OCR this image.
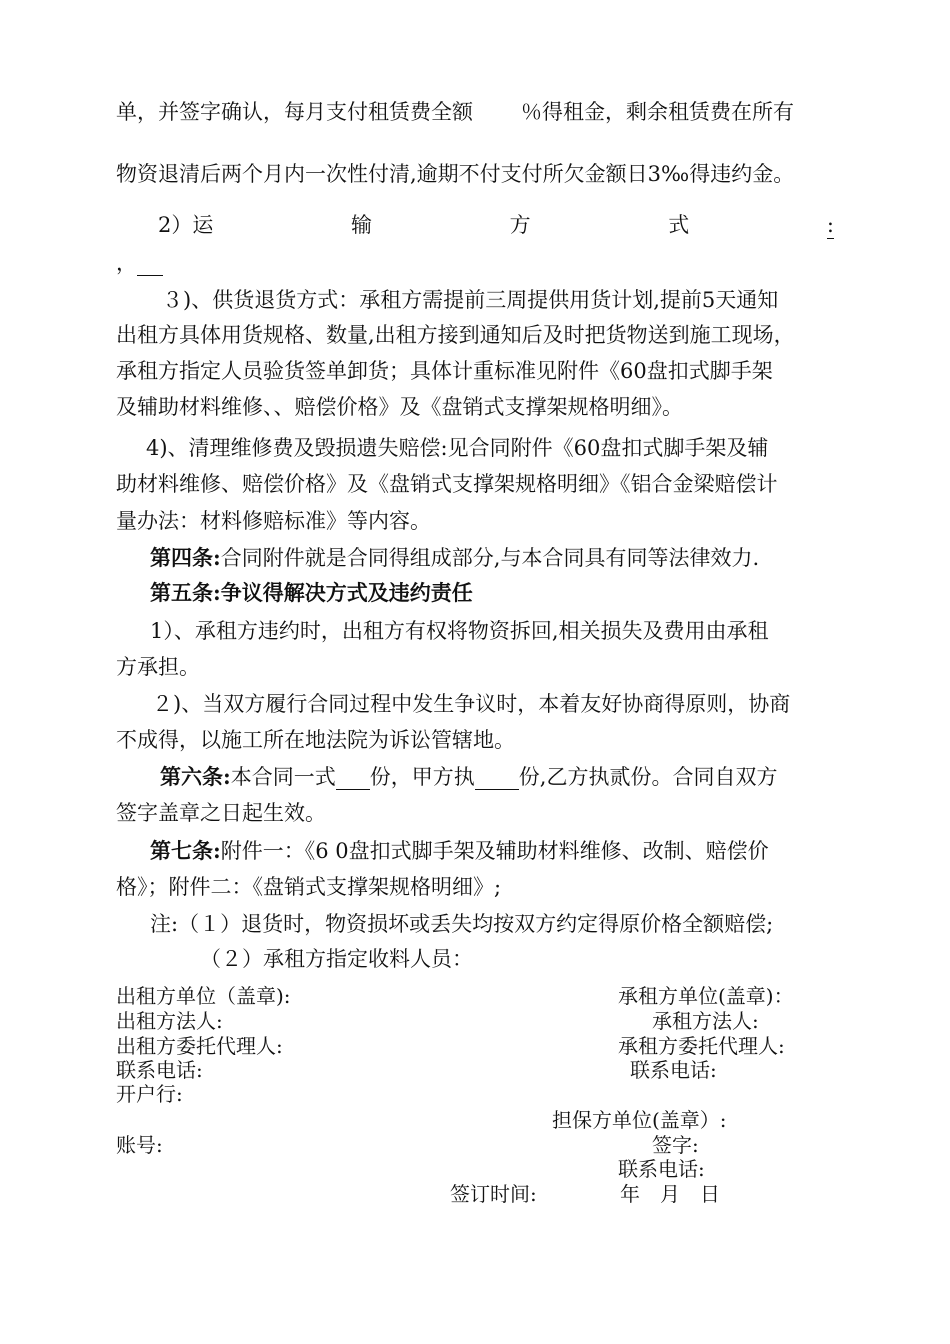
单，并签字确认，每月支付租赁费全额 ％得租金，剩余租赁费在所有
物资退清后两个月内一次性付清,逾期不付支付所欠金额日3‰得违约金。
2）运	输	方	式	:
，
３)、供货退货方式：承租方需提前三周提供用货计划,提前5天通知
出租方具体用货规格、数量,出租方接到通知后及时把货物送到施工现场，
承租方指定人员验货签单卸货；具体计重标准见附件《60盘扣式脚手架
及辅助材料维修、、赔偿价格》及《盘销式支撑架规格明细》。
4)、清理维修费及毁损遗失赔偿:见合同附件《60盘扣式脚手架及辅
助材料维修、赔偿价格》及《盘销式支撑架规格明细》《铝合金梁赔偿计
量办法：材料修赔标准》等内容。
第四条:合同附件就是合同得组成部分,与本合同具有同等法律效力.
第五条:争议得解决方式及违约责任
1）、承租方违约时，出租方有权将物资拆回,相关损失及费用由承租
方承担。
２)、当双方履行合同过程中发生争议时，本着友好协商得原则，协商
不成得，以施工所在地法院为诉讼管辖地。
第六条:本合同一式 份，甲方执 份,乙方执贰份。合同自双方
签字盖章之日起生效。
第七条:附件一：《6 0盘扣式脚手架及辅助材料维修、改制、赔偿价
格》；附件二：《盘销式支撑架规格明细》;
注:（１）退货时，物资损坏或丢失均按双方约定得原价格全额赔偿;
（２）承租方指定收料人员：
出租方单位（盖章):
出租方法人:
出租方委托代理人:
联系电话:
开户行:
账号:
承租方单位(盖章)：
承租方法人:
承租方委托代理人:
联系电话:
担保方单位(盖章）:
签字:
联系电话:
签订时间:	年　月　日
